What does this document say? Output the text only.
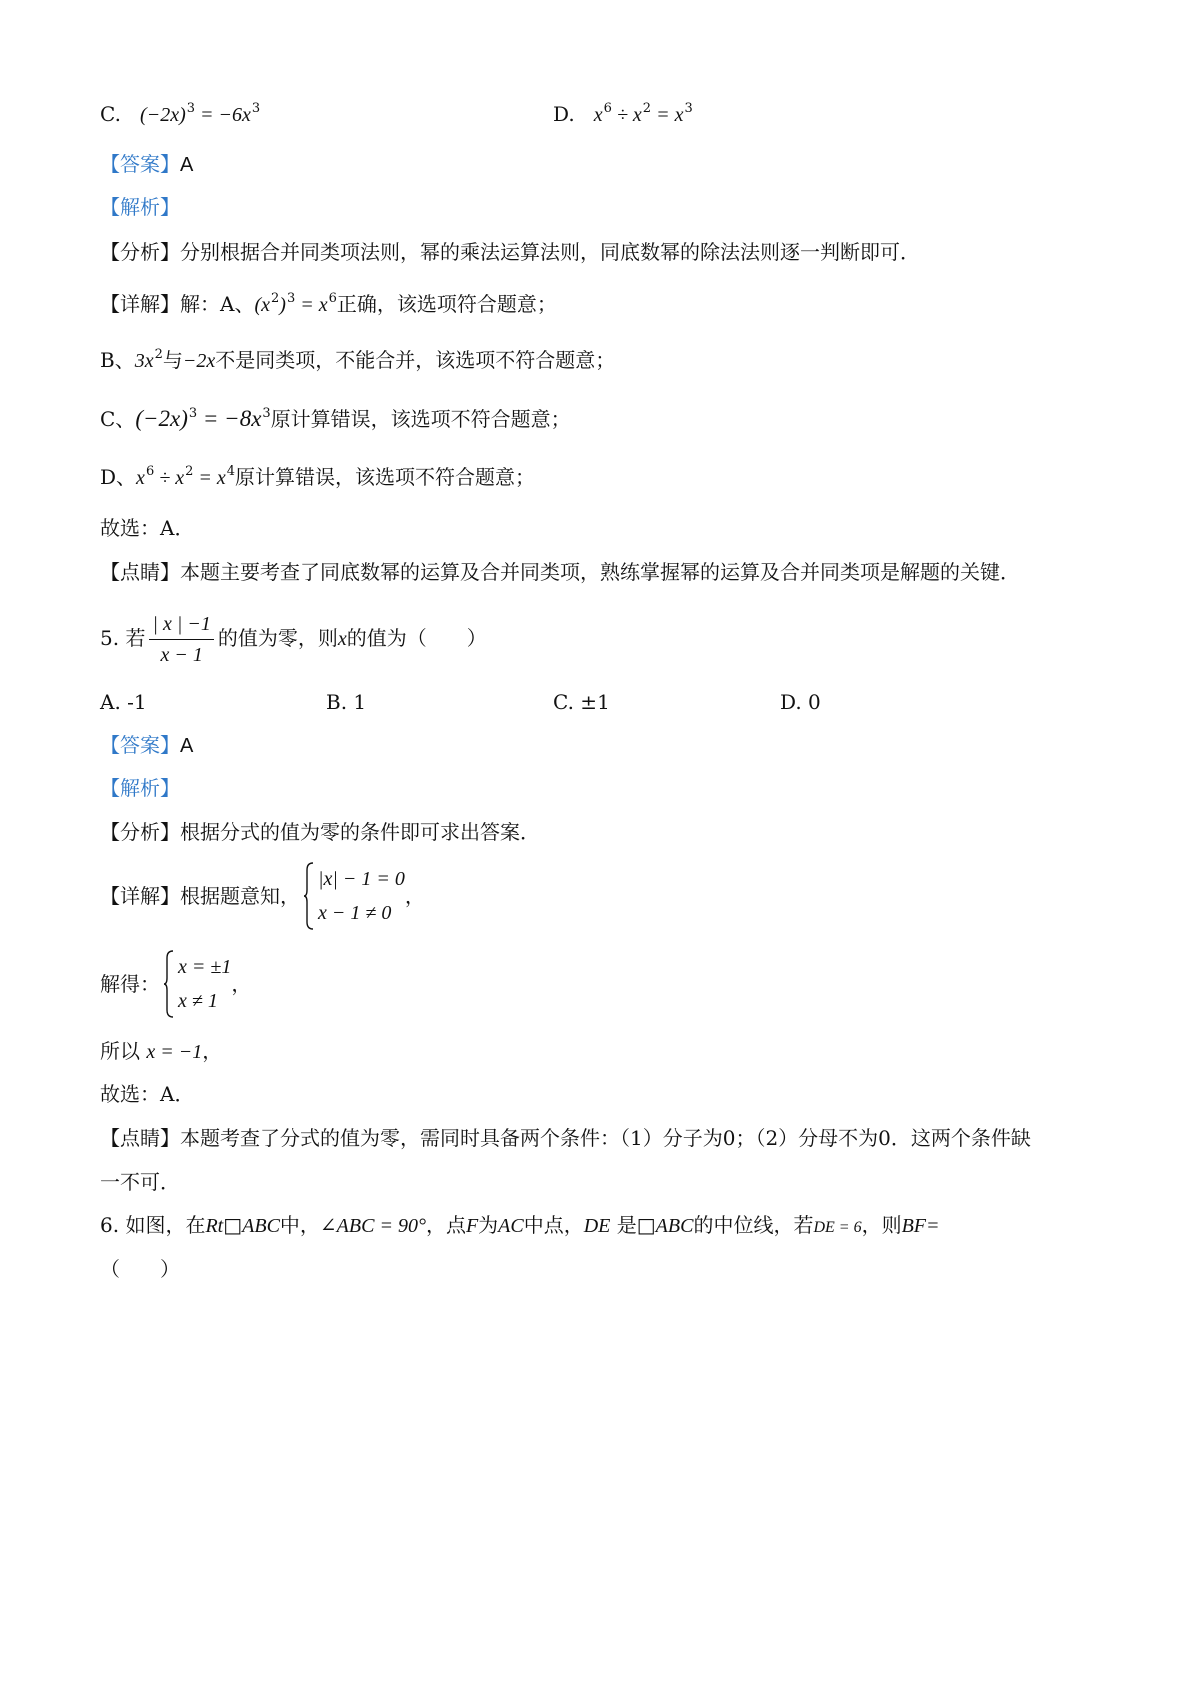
C. $(-2x)^3 = -6x^3$	D. $x^6 \div x^2 = x^3$
【答案】A
【解析】
【分析】分别根据合并同类项法则，幂的乘法运算法则，同底数幂的除法法则逐一判断即可．
【详解】解：A、$(x^2)^3 = x^6$正确，该选项符合题意；
B、$3x^2$与−2x不是同类项，不能合并，该选项不符合题意；
C、$(-2x)^3 = -8x^3$原计算错误，该选项不符合题意；
D、$x^6 \div x^2 = x^4$原计算错误，该选项不符合题意；
故选：A．
【点睛】本题主要考查了同底数幂的运算及合并同类项，熟练掌握幂的运算及合并同类项是解题的关键．
5. 若 $\frac{| x | -1}{x - 1}$ 的值为零，则x的值为（　　）
A. -1	B. 1	C. ±1	D. 0
【答案】A
【解析】
【分析】根据分式的值为零的条件即可求出答案．
【详解】根据题意知，
|x| − 1 = 0
x − 1 ≠ 0
，
解得：
x = ±1
x ≠ 1
，
所以 x = −1，
故选：A．
【点睛】本题考查了分式的值为零，需同时具备两个条件：（1）分子为0；（2）分母不为0．这两个条件缺
一不可．
6. 如图，在Rt□ABC中，∠ABC = 90°，点F为AC中点，DE 是□ABC的中位线，若DE = 6，则BF=
（　　）
